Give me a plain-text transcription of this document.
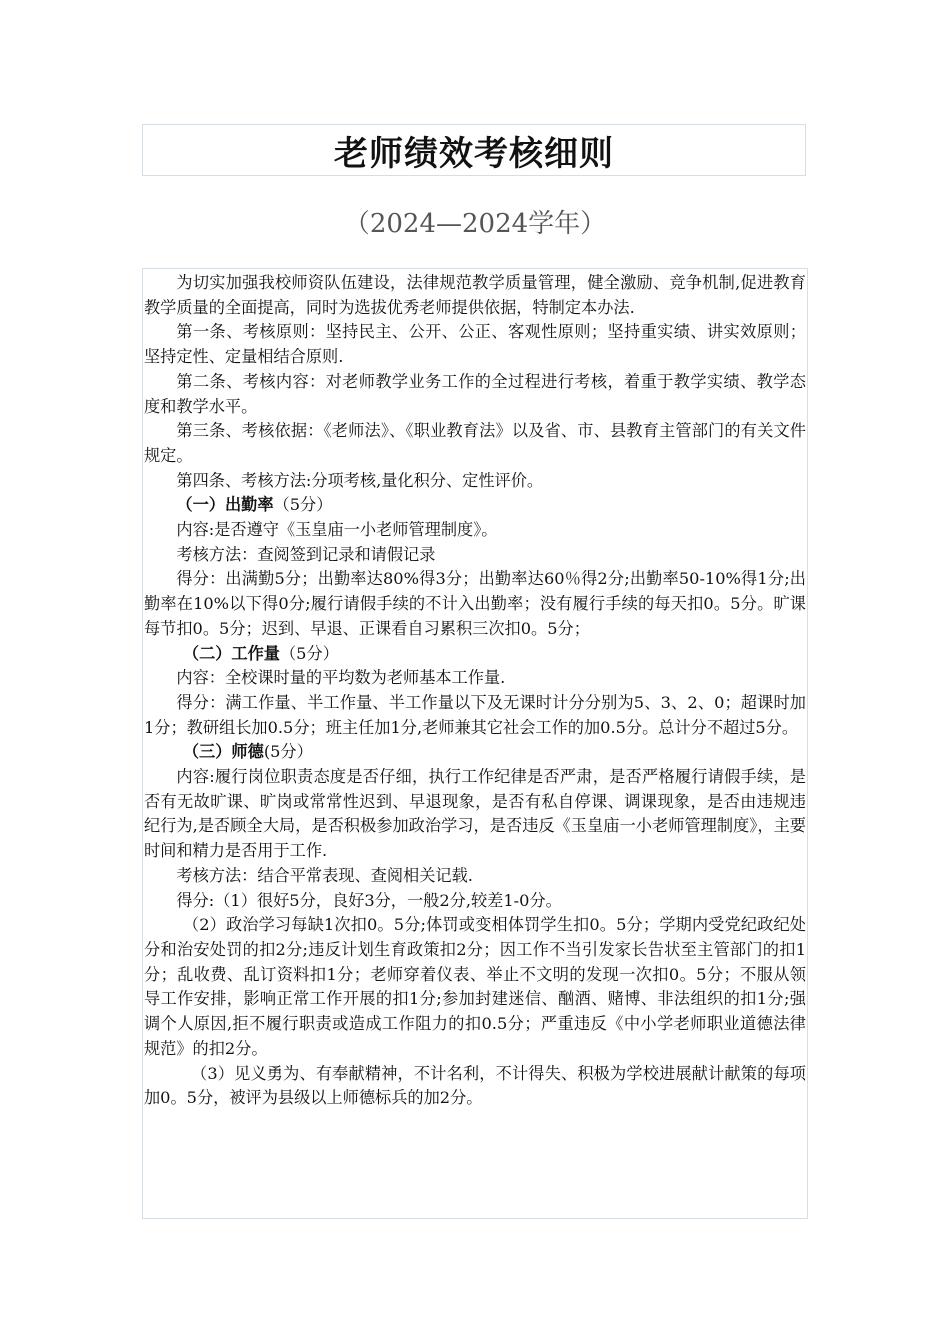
老师绩效考核细则

（2024—2024学年）

为切实加强我校师资队伍建设，法律规范教学质量管理，健全激励、竞争机制,促进教育教学质量的全面提高，同时为选拔优秀老师提供依据，特制定本办法.

第一条、考核原则：坚持民主、公开、公正、客观性原则；坚持重实绩、讲实效原则；坚持定性、定量相结合原则.

第二条、考核内容：对老师教学业务工作的全过程进行考核，着重于教学实绩、教学态度和教学水平。

第三条、考核依据：《老师法》、《职业教育法》以及省、市、县教育主管部门的有关文件规定。

第四条、考核方法:分项考核,量化积分、定性评价。

（一）出勤率（5分）

内容:是否遵守《玉皇庙一小老师管理制度》。

考核方法：查阅签到记录和请假记录

得分：出满勤5分；出勤率达80%得3分；出勤率达60％得2分;出勤率50-10%得1分;出勤率在10%以下得0分;履行请假手续的不计入出勤率；没有履行手续的每天扣0。5分。旷课每节扣0。5分；迟到、早退、正课看自习累积三次扣0。5分；

（二）工作量（5分）

内容：全校课时量的平均数为老师基本工作量.

得分：满工作量、半工作量、半工作量以下及无课时计分分别为5、3、2、0；超课时加1分；教研组长加0.5分；班主任加1分,老师兼其它社会工作的加0.5分。总计分不超过5分。

（三）师德(5分）

内容:履行岗位职责态度是否仔细，执行工作纪律是否严肃，是否严格履行请假手续，是否有无故旷课、旷岗或常常性迟到、早退现象，是否有私自停课、调课现象，是否由违规违纪行为,是否顾全大局，是否积极参加政治学习，是否违反《玉皇庙一小老师管理制度》，主要时间和精力是否用于工作.

考核方法：结合平常表现、查阅相关记载.

得分:（1）很好5分，良好3分，一般2分,较差1-0分。

（2）政治学习每缺1次扣0。5分;体罚或变相体罚学生扣0。5分；学期内受党纪政纪处分和治安处罚的扣2分;违反计划生育政策扣2分；因工作不当引发家长告状至主管部门的扣1分；乱收费、乱订资料扣1分；老师穿着仪表、举止不文明的发现一次扣0。5分；不服从领导工作安排，影响正常工作开展的扣1分;参加封建迷信、酗酒、赌博、非法组织的扣1分;强调个人原因,拒不履行职责或造成工作阻力的扣0.5分；严重违反《中小学老师职业道德法律规范》的扣2分。

（3）见义勇为、有奉献精神，不计名利，不计得失、积极为学校进展献计献策的每项加0。5分，被评为县级以上师德标兵的加2分。
